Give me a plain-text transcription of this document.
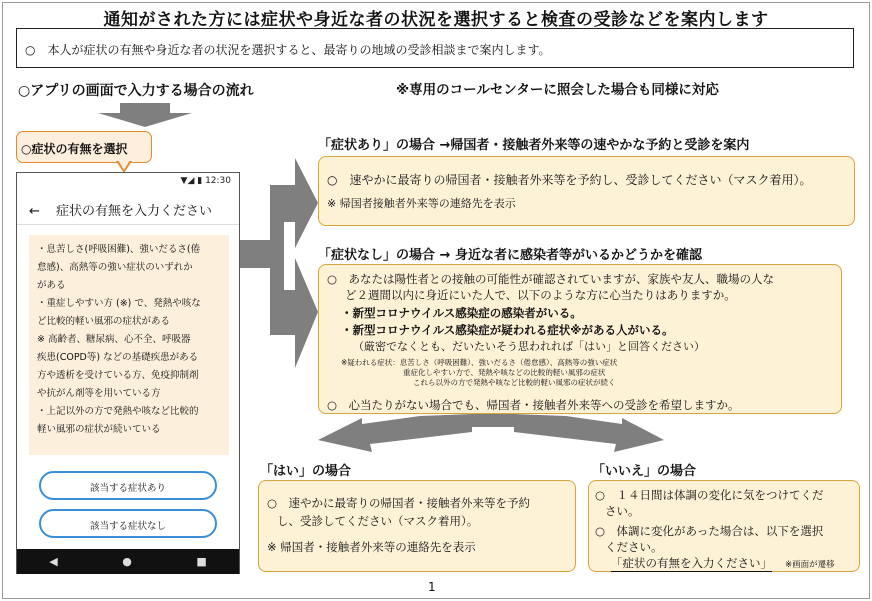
通知がされた方には症状や身近な者の状況を選択すると検査の受診などを案内します
○　本人が症状の有無や身近な者の状況を選択すると、最寄りの地域の受診相談まで案内します。
○アプリの画面で入力する場合の流れ	※専用のコールセンターに照会した場合も同様に対応
○症状の有無を選択
▼◢ ▮ 12:30
← 症状の有無を入力ください
・息苦しさ(呼吸困難)、強いだるさ(倦
怠感)、高熱等の強い症状のいずれか
がある
・重症しやすい方 (※) で、発熱や咳な
ど比較的軽い風邪の症状がある
※ 高齢者、糖尿病、心不全、呼吸器
疾患(COPD等) などの基礎疾患がある
方や透析を受けている方、免疫抑制剤
や抗がん剤等を用いている方
・上記以外の方で発熱や咳など比較的
軽い風邪の症状が続いている
該当する症状あり
該当する症状なし
◀	●	■
「症状あり」の場合 →帰国者・接触者外来等の速やかな予約と受診を案内
○　速やかに最寄りの帰国者・接触者外来等を予約し、受診してください（マスク着用）。
※ 帰国者接触者外来等の連絡先を表示
「症状なし」の場合 → 身近な者に感染者等がいるかどうかを確認
○　あなたは陽性者との接触の可能性が確認されていますが、家族や友人、職場の人な
ど２週間以内に身近にいた人で、以下のような方に心当たりはありますか。
・新型コロナウイルス感染症の感染者がいる。
・新型コロナウイルス感染症が疑われる症状※がある人がいる。
（厳密でなくとも、だいたいそう思われれば「はい」と回答ください）
※疑われる症状：息苦しさ（呼吸困難）、強いだるさ（倦怠感）、高熱等の強い症状
重症化しやすい方で、発熱や咳などの比較的軽い風邪の症状
これら以外の方で発熱や咳など比較的軽い風邪の症状が続く
○　心当たりがない場合でも、帰国者・接触者外来等への受診を希望しますか。
「はい」の場合
○　速やかに最寄りの帰国者・接触者外来等を予約
し、受診してください（マスク着用）。
※ 帰国者・接触者外来等の連絡先を表示
「いいえ」の場合
○　１４日間は体調の変化に気をつけてくだ
さい。
○　体調に変化があった場合は、以下を選択
ください。
「症状の有無を入力ください」 ※画面が遷移
1
